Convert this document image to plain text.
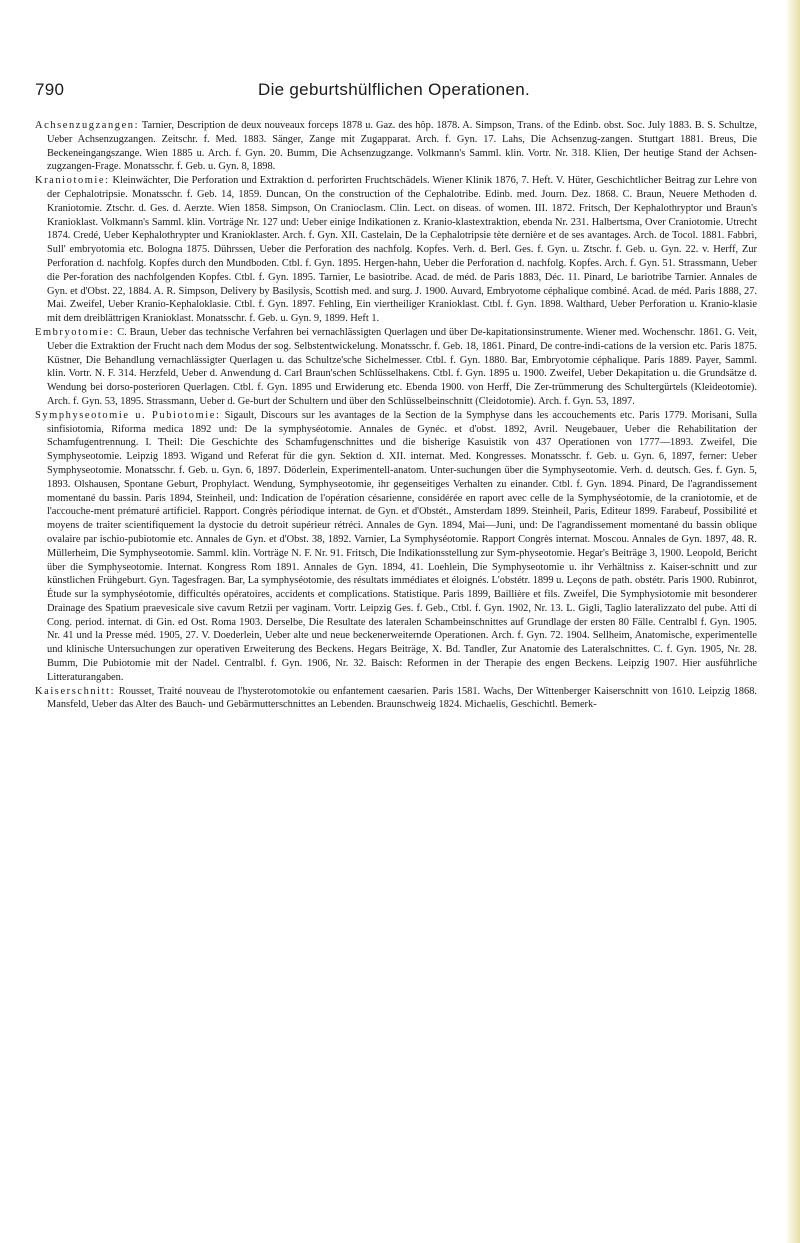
790	Die geburtshülflichen Operationen.

Achsenzugzangen: Tarnier, Description de deux nouveaux forceps 1878 u. Gaz. des hôp. 1878. A. Simpson, Trans. of the Edinb. obst. Soc. July 1883. B. S. Schultze, Ueber Achsenzugzangen. Zeitschr. f. Med. 1883. Sänger, Zange mit Zugapparat. Arch. f. Gyn. 17. Lahs, Die Achsenzug-zangen. Stuttgart 1881. Breus, Die Beckeneingangszange. Wien 1885 u. Arch. f. Gyn. 20. Bumm, Die Achsenzugzange. Volkmann's Samml. klin. Vortr. Nr. 318. Klien, Der heutige Stand der Achsen-zugzangen-Frage. Monatsschr. f. Geb. u. Gyn. 8, 1898.

Kraniotomie: Kleinwächter, Die Perforation und Extraktion d. perforirten Fruchtschädels. Wiener Klinik 1876, 7. Heft. V. Hüter, Geschichtlicher Beitrag zur Lehre von der Cephalotripsie. Monatsschr. f. Geb. 14, 1859. Duncan, On the construction of the Cephalotribe. Edinb. med. Journ. Dez. 1868. C. Braun, Neuere Methoden d. Kraniotomie. Ztschr. d. Ges. d. Aerzte. Wien 1858. Simpson, On Cranioclasm. Clin. Lect. on diseas. of women. III. 1872. Fritsch, Der Kephalothryptor und Braun's Kranioklast. Volkmann's Samml. klin. Vorträge Nr. 127 und: Ueber einige Indikationen z. Kranio-klastextraktion, ebenda Nr. 231. Halbertsma, Over Craniotomie. Utrecht 1874. Credé, Ueber Kephalothrypter und Kranioklaster. Arch. f. Gyn. XII. Castelain, De la Cephalotripsie tète dernière et de ses avantages. Arch. de Tocol. 1881. Fabbri, Sull' embryotomia etc. Bologna 1875. Dührssen, Ueber die Perforation des nachfolg. Kopfes. Verh. d. Berl. Ges. f. Gyn. u. Ztschr. f. Geb. u. Gyn. 22. v. Herff, Zur Perforation d. nachfolg. Kopfes durch den Mundboden. Ctbl. f. Gyn. 1895. Hergen-hahn, Ueber die Perforation d. nachfolg. Kopfes. Arch. f. Gyn. 51. Strassmann, Ueber die Per-foration des nachfolgenden Kopfes. Ctbl. f. Gyn. 1895. Tarnier, Le basiotribe. Acad. de méd. de Paris 1883, Déc. 11. Pinard, Le bariotribe Tarnier. Annales de Gyn. et d'Obst. 22, 1884. A. R. Simpson, Delivery by Basilysis, Scottish med. and surg. J. 1900. Auvard, Embryotome céphalique combiné. Acad. de méd. Paris 1888, 27. Mai. Zweifel, Ueber Kranio-Kephaloklasie. Ctbl. f. Gyn. 1897. Fehling, Ein viertheiliger Kranioklast. Ctbl. f. Gyn. 1898. Walthard, Ueber Perforation u. Kranio-klasie mit dem dreiblättrigen Kranioklast. Monatsschr. f. Geb. u. Gyn. 9, 1899. Heft 1.

Embryotomie: C. Braun, Ueber das technische Verfahren bei vernachlässigten Querlagen und über De-kapitationsinstrumente. Wiener med. Wochenschr. 1861. G. Veit, Ueber die Extraktion der Frucht nach dem Modus der sog. Selbstentwickelung. Monatsschr. f. Geb. 18, 1861. Pinard, De contre-indi-cations de la version etc. Paris 1875. Küstner, Die Behandlung vernachlässigter Querlagen u. das Schultze'sche Sichelmesser. Ctbl. f. Gyn. 1880. Bar, Embryotomie céphalique. Paris 1889. Payer, Samml. klin. Vortr. N. F. 314. Herzfeld, Ueber d. Anwendung d. Carl Braun'schen Schlüsselhakens. Ctbl. f. Gyn. 1895 u. 1900. Zweifel, Ueber Dekapitation u. die Grundsätze d. Wendung bei dorso-posterioren Querlagen. Ctbl. f. Gyn. 1895 und Erwiderung etc. Ebenda 1900. von Herff, Die Zer-trümmerung des Schultergürtels (Kleideotomie). Arch. f. Gyn. 53, 1895. Strassmann, Ueber d. Ge-burt der Schultern und über den Schlüsselbeinschnitt (Cleidotomie). Arch. f. Gyn. 53, 1897.

Symphyseotomie u. Pubiotomie: Sigault, Discours sur les avantages de la Section de la Symphyse dans les accouchements etc. Paris 1779. Morisani, Sulla sinfisiotomia, Riforma medica 1892 und: De la symphyséotomie. Annales de Gynéc. et d'obst. 1892, Avril. Neugebauer, Ueber die Rehabilitation der Schamfugentrennung. I. Theil: Die Geschichte des Schamfugenschnittes und die bisherige Kasuistik von 437 Operationen von 1777—1893. Zweifel, Die Symphyseotomie. Leipzig 1893. Wigand und Referat für die gyn. Sektion d. XII. internat. Med. Kongresses. Monatsschr. f. Geb. u. Gyn. 6, 1897, ferner: Ueber Symphyseotomie. Monatsschr. f. Geb. u. Gyn. 6, 1897. Döderlein, Experimentell-anatom. Unter-suchungen über die Symphyseotomie. Verh. d. deutsch. Ges. f. Gyn. 5, 1893. Olshausen, Spontane Geburt, Prophylact. Wendung, Symphyseotomie, ihr gegenseitiges Verhalten zu einander. Ctbl. f. Gyn. 1894. Pinard, De l'agrandissement momentané du bassin. Paris 1894, Steinheil, und: Indication de l'opération césarienne, considérée en raport avec celle de la Symphyséotomie, de la craniotomie, et de l'accouche-ment prématuré artificiel. Rapport. Congrès périodique internat. de Gyn. et d'Obstét., Amsterdam 1899. Steinheil, Paris, Editeur 1899. Farabeuf, Possibilité et moyens de traiter scientifiquement la dystocie du detroit supérieur rétréci. Annales de Gyn. 1894, Mai—Juni, und: De l'agrandissement momentané du bassin oblique ovalaire par ischio-pubiotomie etc. Annales de Gyn. et d'Obst. 38, 1892. Varnier, La Symphyséotomie. Rapport Congrès internat. Moscou. Annales de Gyn. 1897, 48. R. Müllerheim, Die Symphyseotomie. Samml. klin. Vorträge N. F. Nr. 91. Fritsch, Die Indikationsstellung zur Sym-physeotomie. Hegar's Beiträge 3, 1900. Leopold, Bericht über die Symphyseotomie. Internat. Kongress Rom 1891. Annales de Gyn. 1894, 41. Loehlein, Die Symphyseotomie u. ihr Verhältniss z. Kaiser-schnitt und zur künstlichen Frühgeburt. Gyn. Tagesfragen. Bar, La symphyséotomie, des résultats immédiates et éloignés. L'obstétr. 1899 u. Leçons de path. obstétr. Paris 1900. Rubinrot, Étude sur la symphyséotomie, difficultés opératoires, accidents et complications. Statistique. Paris 1899, Baillière et fils. Zweifel, Die Symphysiotomie mit besonderer Drainage des Spatium praevesicale sive cavum Retzii per vaginam. Vortr. Leipzig Ges. f. Geb., Ctbl. f. Gyn. 1902, Nr. 13. L. Gigli, Taglio lateralizzato del pube. Atti di Cong. period. internat. di Gin. ed Ost. Roma 1903. Derselbe, Die Resultate des lateralen Schambeinschnittes auf Grundlage der ersten 80 Fälle. Centralbl f. Gyn. 1905. Nr. 41 und la Presse méd. 1905, 27. V. Doederlein, Ueber alte und neue beckenerweiternde Operationen. Arch. f. Gyn. 72. 1904. Sellheim, Anatomische, experimentelle und klinische Untersuchungen zur operativen Erweiterung des Beckens. Hegars Beiträge, X. Bd. Tandler, Zur Anatomie des Lateralschnittes. C. f. Gyn. 1905, Nr. 28. Bumm, Die Pubiotomie mit der Nadel. Centralbl. f. Gyn. 1906, Nr. 32. Baisch: Reformen in der Therapie des engen Beckens. Leipzig 1907. Hier ausführliche Litteraturangaben.

Kaiserschnitt: Rousset, Traité nouveau de l'hysterotomotokie ou enfantement caesarien. Paris 1581. Wachs, Der Wittenberger Kaiserschnitt von 1610. Leipzig 1868. Mansfeld, Ueber das Alter des Bauch- und Gebärmutterschnittes an Lebenden. Braunschweig 1824. Michaelis, Geschichtl. Bemerk-
